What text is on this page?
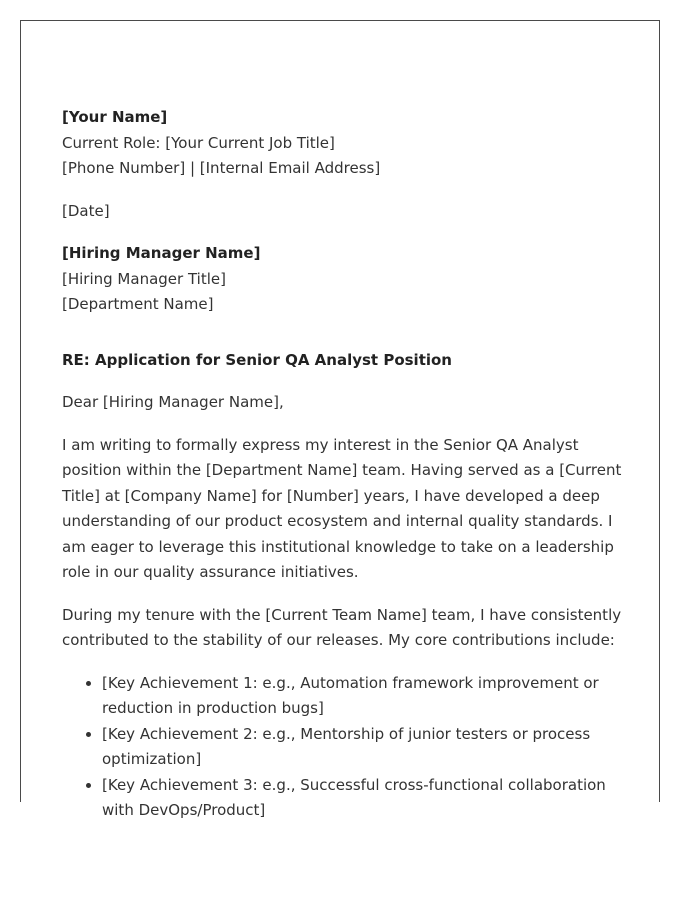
[Your Name]
Current Role: [Your Current Job Title]
[Phone Number] | [Internal Email Address]
[Date]
[Hiring Manager Name]
[Hiring Manager Title]
[Department Name]
RE: Application for Senior QA Analyst Position

Dear [Hiring Manager Name],

I am writing to formally express my interest in the Senior QA Analyst position within the [Department Name] team. Having served as a [Current Title] at [Company Name] for [Number] years, I have developed a deep understanding of our product ecosystem and internal quality standards. I am eager to leverage this institutional knowledge to take on a leadership role in our quality assurance initiatives.

During my tenure with the [Current Team Name] team, I have consistently contributed to the stability of our releases. My core contributions include:

• [Key Achievement 1: e.g., Automation framework improvement or reduction in production bugs]
• [Key Achievement 2: e.g., Mentorship of junior testers or process optimization]
• [Key Achievement 3: e.g., Successful cross-functional collaboration with DevOps/Product]
